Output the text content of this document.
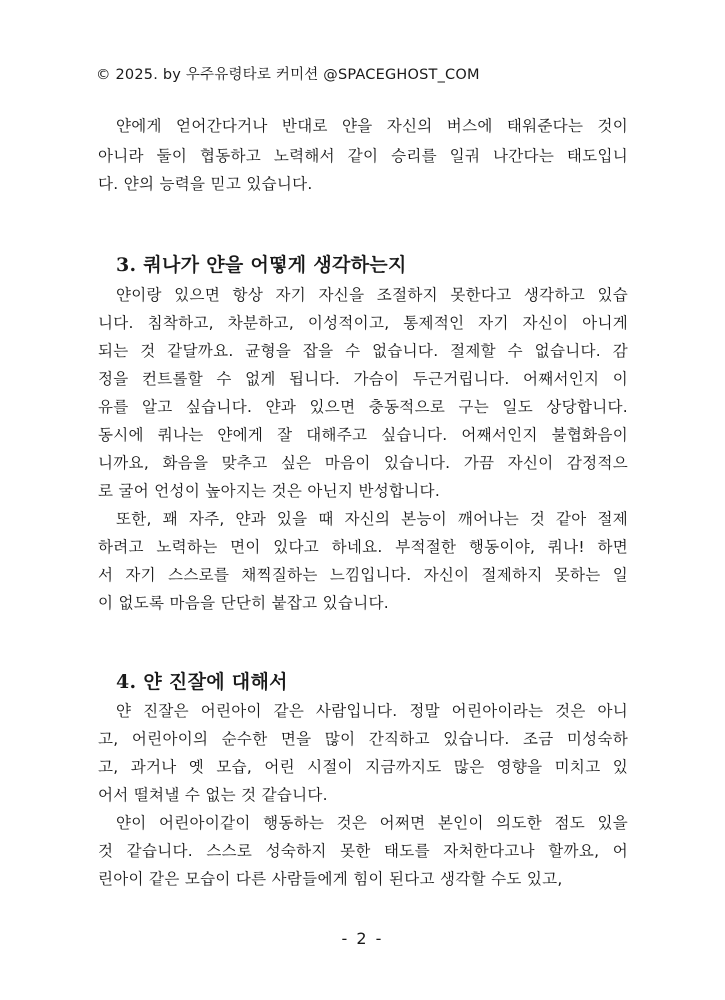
© 2025. by 우주유령타로 커미션 @SPACEGHOST_COM
얀에게 얻어간다거나 반대로 얀을 자신의 버스에 태워준다는 것이
아니라 둘이 협동하고 노력해서 같이 승리를 일궈 나간다는 태도입니
다. 얀의 능력을 믿고 있습니다.
3. 쿼나가 얀을 어떻게 생각하는지
얀이랑 있으면 항상 자기 자신을 조절하지 못한다고 생각하고 있습
니다. 침착하고, 차분하고, 이성적이고, 통제적인 자기 자신이 아니게
되는 것 같달까요. 균형을 잡을 수 없습니다. 절제할 수 없습니다. 감
정을 컨트롤할 수 없게 됩니다. 가슴이 두근거립니다. 어째서인지 이
유를 알고 싶습니다. 얀과 있으면 충동적으로 구는 일도 상당합니다.
동시에 쿼나는 얀에게 잘 대해주고 싶습니다. 어째서인지 불협화음이
니까요, 화음을 맞추고 싶은 마음이 있습니다. 가끔 자신이 감정적으
로 굴어 언성이 높아지는 것은 아닌지 반성합니다.
또한, 꽤 자주, 얀과 있을 때 자신의 본능이 깨어나는 것 같아 절제
하려고 노력하는 면이 있다고 하네요. 부적절한 행동이야, 쿼나! 하면
서 자기 스스로를 채찍질하는 느낌입니다. 자신이 절제하지 못하는 일
이 없도록 마음을 단단히 붙잡고 있습니다.
4. 얀 진잘에 대해서
얀 진잘은 어린아이 같은 사람입니다. 정말 어린아이라는 것은 아니
고, 어린아이의 순수한 면을 많이 간직하고 있습니다. 조금 미성숙하
고, 과거나 옛 모습, 어린 시절이 지금까지도 많은 영향을 미치고 있
어서 떨쳐낼 수 없는 것 같습니다.
얀이 어린아이같이 행동하는 것은 어쩌면 본인이 의도한 점도 있을
것 같습니다. 스스로 성숙하지 못한 태도를 자처한다고나 할까요, 어
린아이 같은 모습이 다른 사람들에게 힘이 된다고 생각할 수도 있고,
- 2 -
